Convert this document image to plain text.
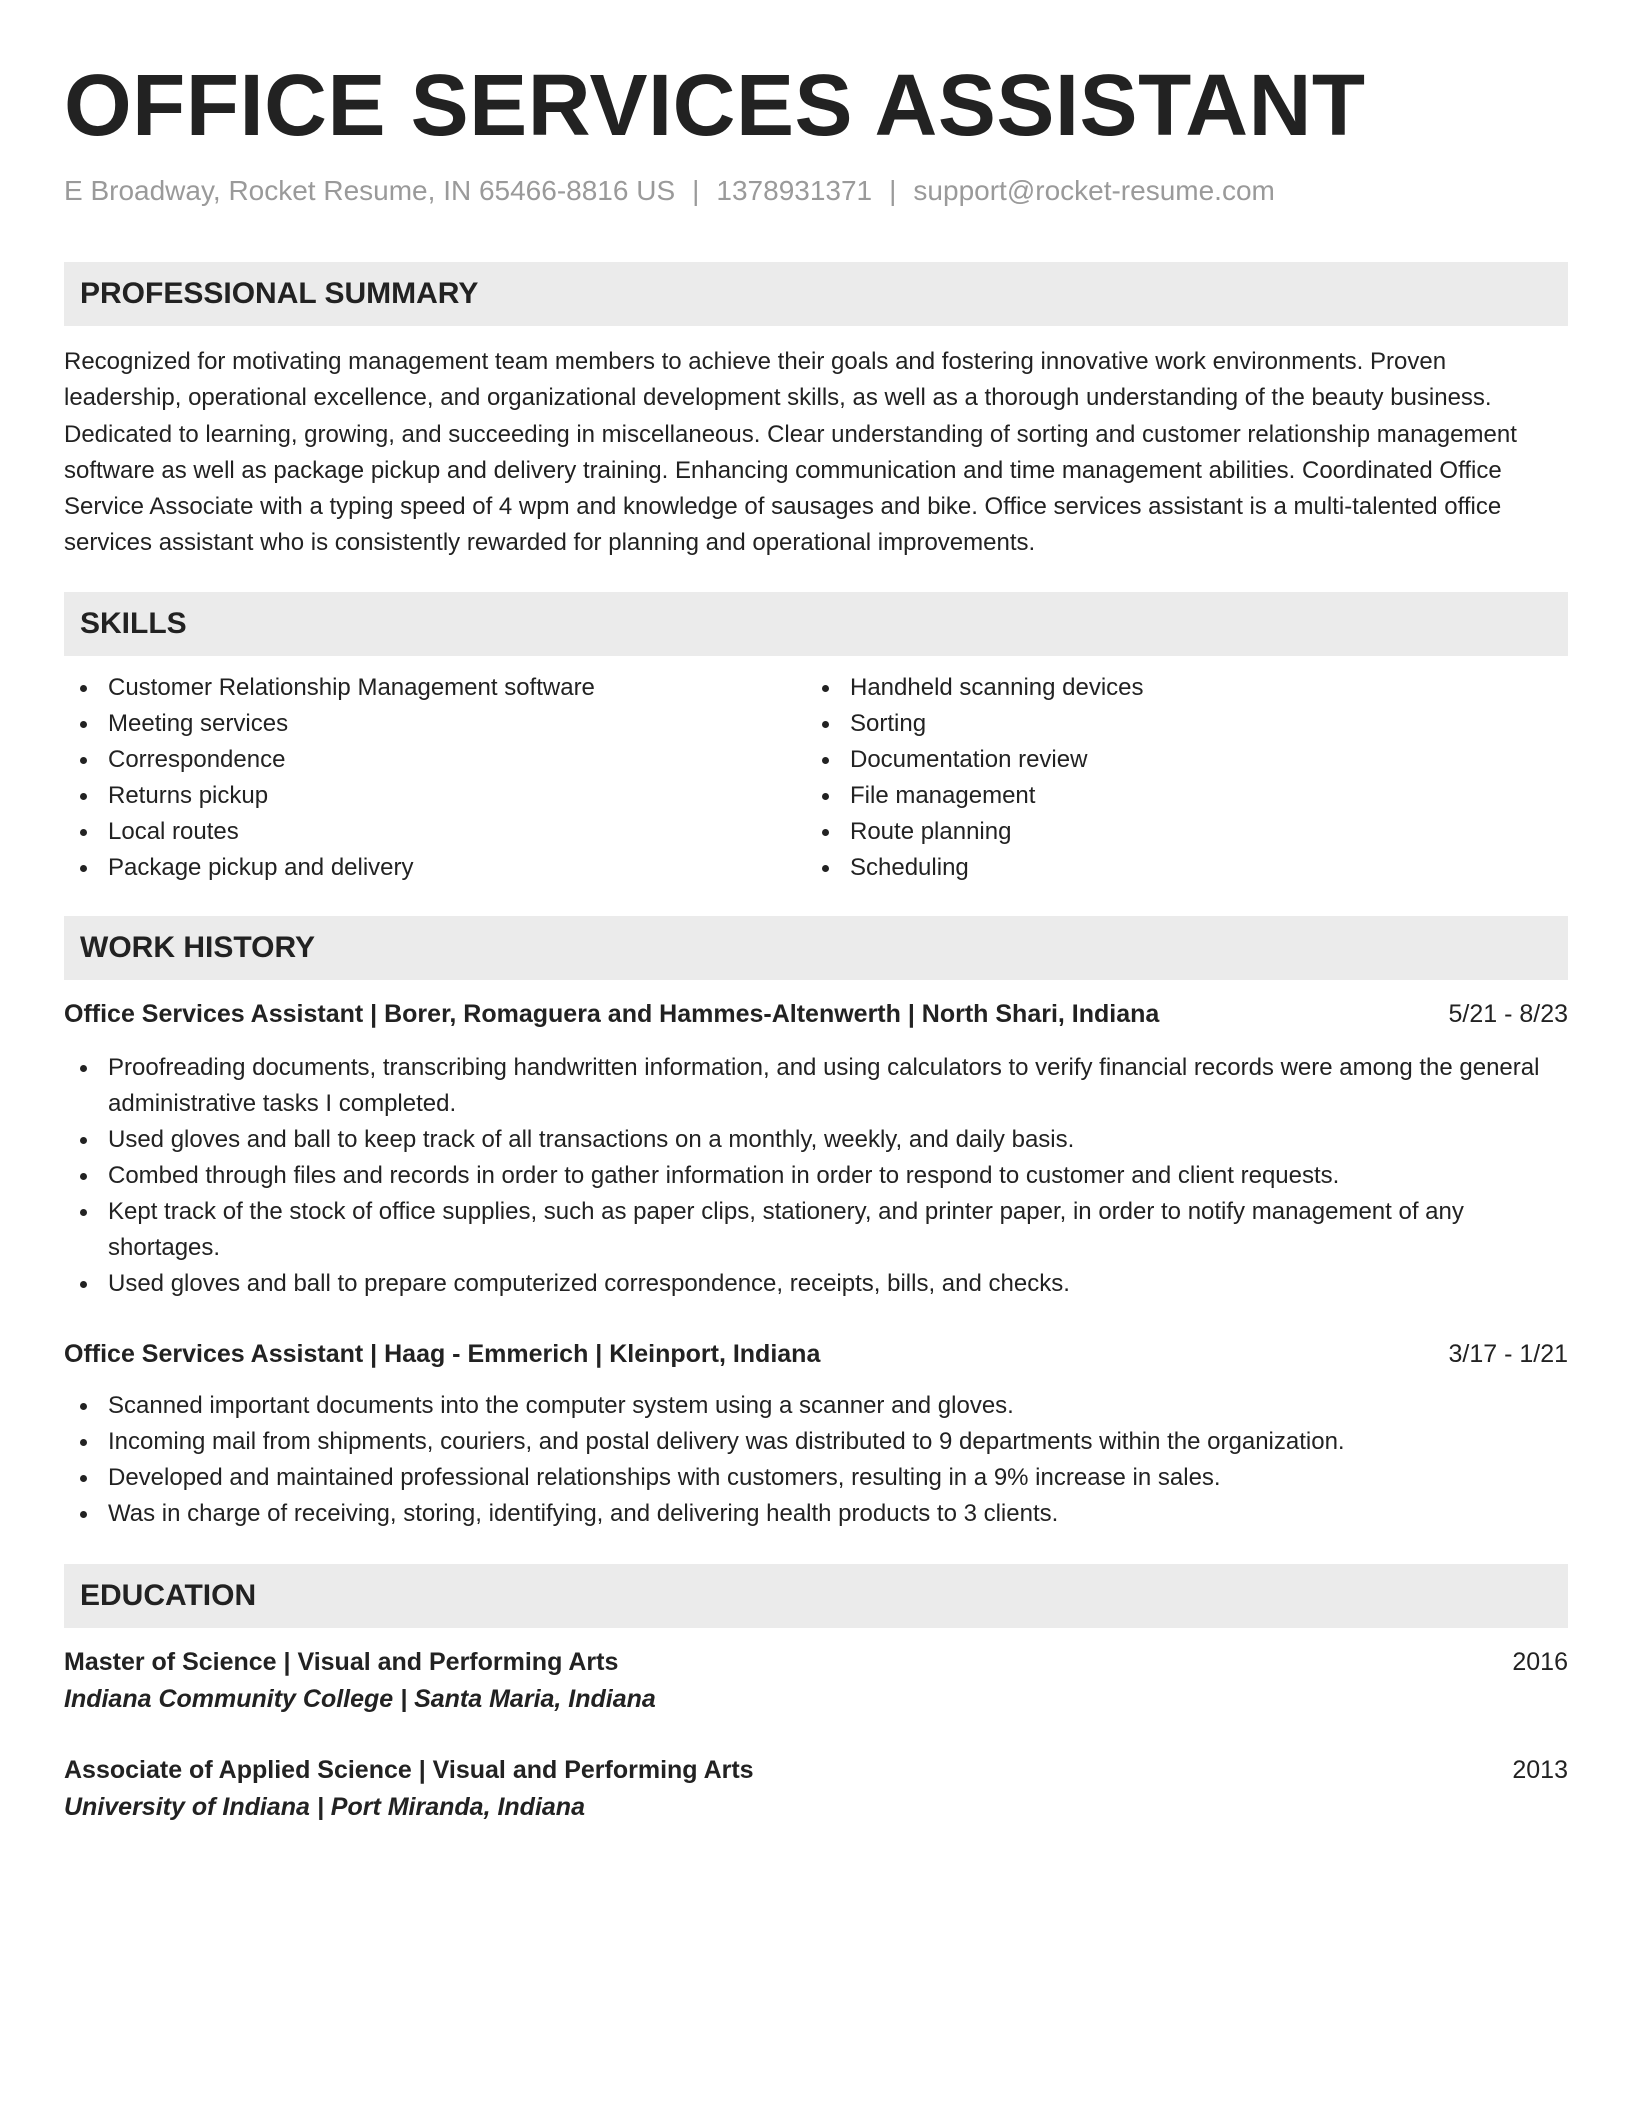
OFFICE SERVICES ASSISTANT
E Broadway, Rocket Resume, IN 65466-8816 US | 1378931371 | support@rocket-resume.com
PROFESSIONAL SUMMARY

Recognized for motivating management team members to achieve their goals and fostering innovative work environments. Proven leadership, operational excellence, and organizational development skills, as well as a thorough understanding of the beauty business. Dedicated to learning, growing, and succeeding in miscellaneous. Clear understanding of sorting and customer relationship management software as well as package pickup and delivery training. Enhancing communication and time management abilities. Coordinated Office Service Associate with a typing speed of 4 wpm and knowledge of sausages and bike. Office services assistant is a multi-talented office services assistant who is consistently rewarded for planning and operational improvements.

SKILLS
Customer Relationship Management software
Meeting services
Correspondence
Returns pickup
Local routes
Package pickup and delivery
Handheld scanning devices
Sorting
Documentation review
File management
Route planning
Scheduling
WORK HISTORY
Office Services Assistant | Borer, Romaguera and Hammes-Altenwerth | North Shari, Indiana	5/21 - 8/23
Proofreading documents, transcribing handwritten information, and using calculators to verify financial records were among the general administrative tasks I completed.
Used gloves and ball to keep track of all transactions on a monthly, weekly, and daily basis.
Combed through files and records in order to gather information in order to respond to customer and client requests.
Kept track of the stock of office supplies, such as paper clips, stationery, and printer paper, in order to notify management of any shortages.
Used gloves and ball to prepare computerized correspondence, receipts, bills, and checks.
Office Services Assistant | Haag - Emmerich | Kleinport, Indiana	3/17 - 1/21
Scanned important documents into the computer system using a scanner and gloves.
Incoming mail from shipments, couriers, and postal delivery was distributed to 9 departments within the organization.
Developed and maintained professional relationships with customers, resulting in a 9% increase in sales.
Was in charge of receiving, storing, identifying, and delivering health products to 3 clients.
EDUCATION
Master of Science | Visual and Performing Arts	2016
Indiana Community College | Santa Maria, Indiana
Associate of Applied Science | Visual and Performing Arts	2013
University of Indiana | Port Miranda, Indiana
